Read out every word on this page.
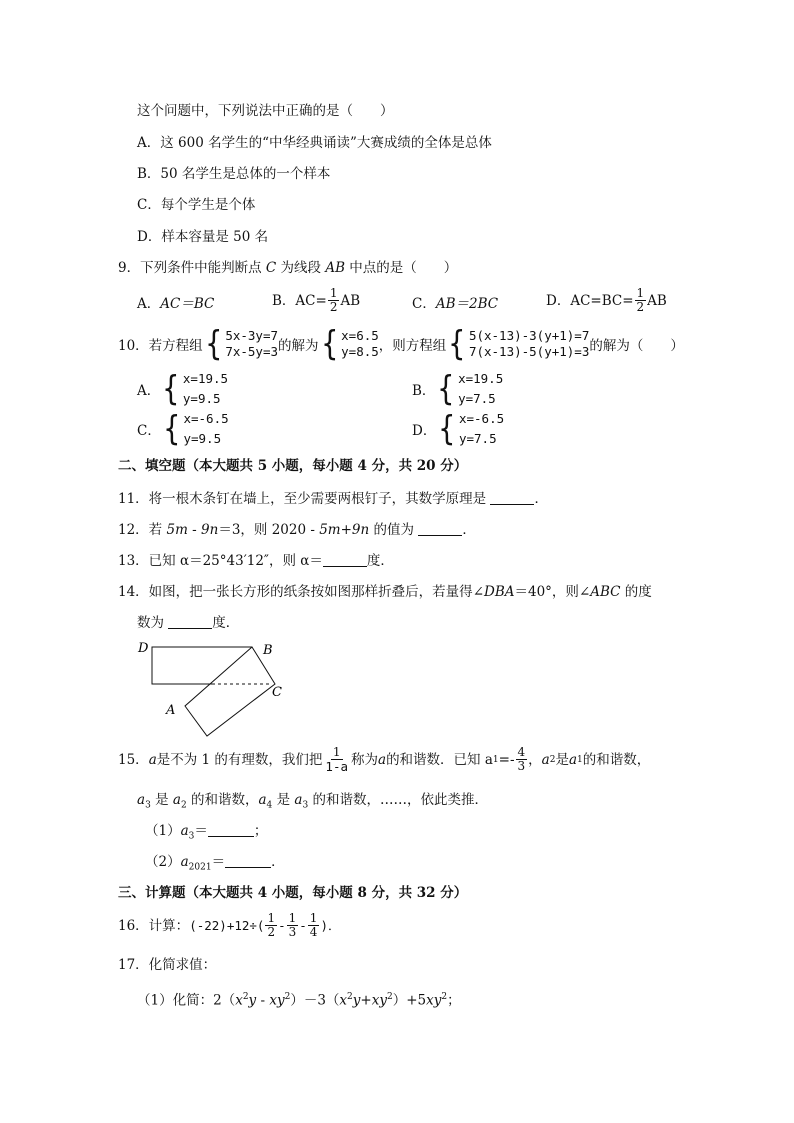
这个问题中，下列说法中正确的是（　　）
A．这 600 名学生的“中华经典诵读”大赛成绩的全体是总体
B．50 名学生是总体的一个样本
C．每个学生是个体
D．样本容量是 50 名
9．下列条件中能判断点 C 为线段 AB 中点的是（　　）
A．AC＝BC	B．$AC= \frac{1}{2}$ AB	C．AB＝2BC	D．$AC=BC= \frac{1}{2}$ AB
10．若方程组 { 5x-3y=7
7x-5y=3 的解为 { x=6.5
y=8.5 ，则方程组 { 5(x-13)-3(y+1)=7
7(x-13)-5(y+1)=3 的解为（　　）
A． { x=19.5
y=9.5	B． { x=19.5
y=7.5
C． { x=-6.5
y=9.5	D． { x=-6.5
y=7.5
二、填空题（本大题共 5 小题，每小题 4 分，共 20 分）
11．将一根木条钉在墙上，至少需要两根钉子，其数学原理是	．
12．若 5m - 9n＝3，则 2020 - 5m+9n 的值为	．
13．已知 α＝25°43′12″，则 α＝	度．
14．如图，把一张长方形的纸条按如图那样折叠后，若量得∠DBA＝40°，则∠ABC 的度
数为	度．
D	B
C
A
15． a 是不为 1 的有理数，我们把 $\frac{1}{1-a}$ 称为 a 的和谐数．已知 a $1 =- \frac{4}{3}$ ， a 2 是 a 1 的和谐数，
$a_3$ 是 $a_2$ 的和谐数，$a_4$ 是 $a_3$ 的和谐数，……，依此类推．
$(1)a_3=$	；
$(2)a_{2021}=$	．
三、计算题（本大题共 4 小题，每小题 8 分，共 32 分）
16．计算： (-2 2 )$+12\div( \frac{1}{2} - \frac{1}{3} - \frac{1}{4}$ )．
17．化简求值：
（1）化简：$2(x^2y - xy^2)-3(x^2y+xy^2)+5xy^2$；
